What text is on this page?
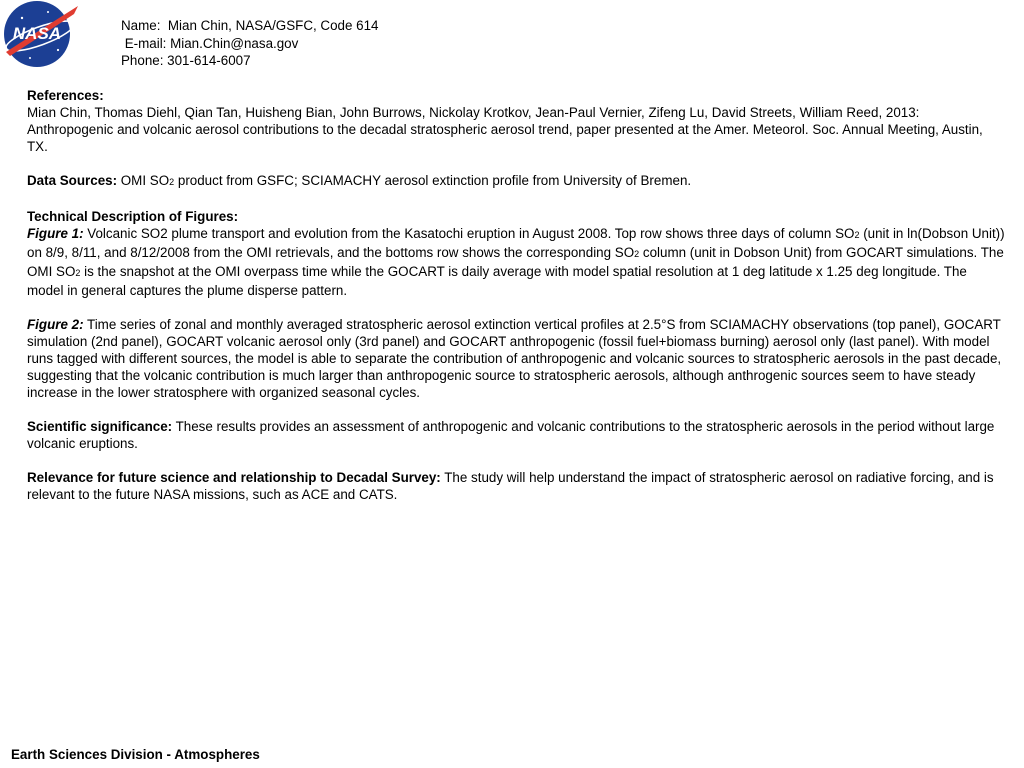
NASA	Name:  Mian Chin, NASA/GSFC, Code 614
E-mail: Mian.Chin@nasa.gov
Phone: 301-614-6007
References:
Mian Chin, Thomas Diehl, Qian Tan, Huisheng Bian, John Burrows, Nickolay Krotkov, Jean-Paul Vernier, Zifeng Lu, David Streets, William Reed, 2013: Anthropogenic and volcanic aerosol contributions to the decadal stratospheric aerosol trend, paper presented at the Amer. Meteorol. Soc. Annual Meeting, Austin, TX.
Data Sources: OMI SO2 product from GSFC; SCIAMACHY aerosol extinction profile from University of Bremen.
Technical Description of Figures:
Figure 1: Volcanic SO2 plume transport and evolution from the Kasatochi eruption in August 2008. Top row shows three days of column SO2 (unit in ln(Dobson Unit)) on 8/9, 8/11, and 8/12/2008 from the OMI retrievals, and the bottoms row shows the corresponding SO2 column (unit in Dobson Unit) from GOCART simulations. The OMI SO2 is the snapshot at the OMI overpass time while the GOCART is daily average with model spatial resolution at 1 deg latitude x 1.25 deg longitude. The model in general captures the plume disperse pattern.
Figure 2: Time series of zonal and monthly averaged stratospheric aerosol extinction vertical profiles at 2.5°S from SCIAMACHY observations (top panel), GOCART simulation (2nd panel), GOCART volcanic aerosol only (3rd panel) and GOCART anthropogenic (fossil fuel+biomass burning) aerosol only (last panel). With model runs tagged with different sources, the model is able to separate the contribution of anthropogenic and volcanic sources to stratospheric aerosols in the past decade, suggesting that the volcanic contribution is much larger than anthropogenic source to stratospheric aerosols, although anthrogenic sources seem to have steady increase in the lower stratosphere with organized seasonal cycles.
Scientific significance: These results provides an assessment of anthropogenic and volcanic contributions to the stratospheric aerosols in the period without large volcanic eruptions.
Relevance for future science and relationship to Decadal Survey: The study will help understand the impact of stratospheric aerosol on radiative forcing, and is relevant to the future NASA missions, such as ACE and CATS.
Earth Sciences Division - Atmospheres
